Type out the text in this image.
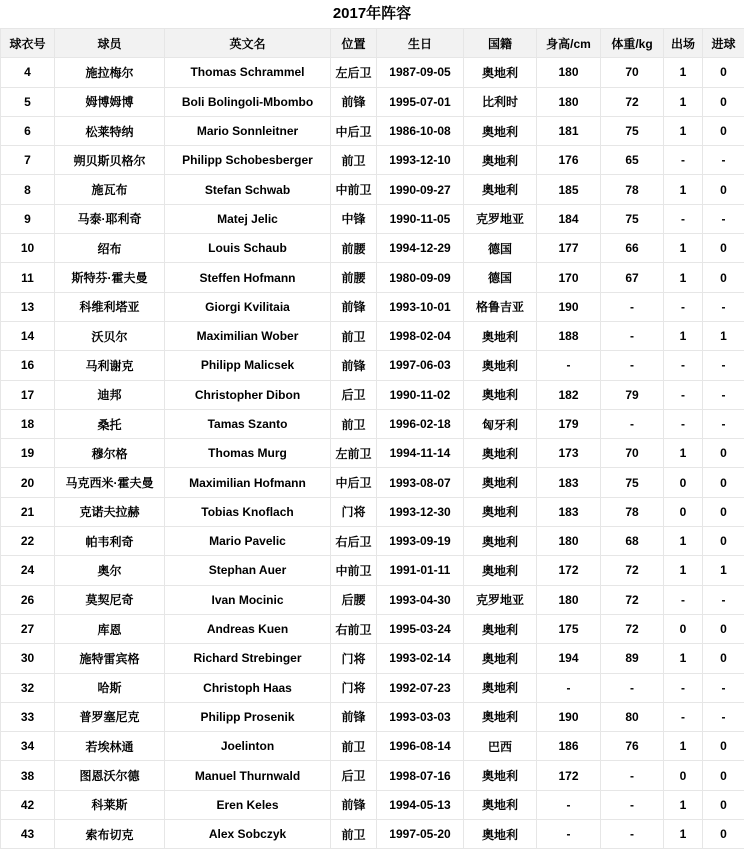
2017年阵容
球衣号	球员	英文名	位置	生日	国籍	身高/cm	体重/kg	出场	进球
4	施拉梅尔	Thomas Schrammel	左后卫	1987-09-05	奥地利	180	70	1	0
5	姆博姆博	Boli Bolingoli-Mbombo	前锋	1995-07-01	比利时	180	72	1	0
6	松莱特纳	Mario Sonnleitner	中后卫	1986-10-08	奥地利	181	75	1	0
7	朔贝斯贝格尔	Philipp Schobesberger	前卫	1993-12-10	奥地利	176	65	-	-
8	施瓦布	Stefan Schwab	中前卫	1990-09-27	奥地利	185	78	1	0
9	马泰·耶利奇	Matej Jelic	中锋	1990-11-05	克罗地亚	184	75	-	-
10	绍布	Louis Schaub	前腰	1994-12-29	德国	177	66	1	0
11	斯特芬·霍夫曼	Steffen Hofmann	前腰	1980-09-09	德国	170	67	1	0
13	科维利塔亚	Giorgi Kvilitaia	前锋	1993-10-01	格鲁吉亚	190	-	-	-
14	沃贝尔	Maximilian Wober	前卫	1998-02-04	奥地利	188	-	1	1
16	马利谢克	Philipp Malicsek	前锋	1997-06-03	奥地利	-	-	-	-
17	迪邦	Christopher Dibon	后卫	1990-11-02	奥地利	182	79	-	-
18	桑托	Tamas Szanto	前卫	1996-02-18	匈牙利	179	-	-	-
19	穆尔格	Thomas Murg	左前卫	1994-11-14	奥地利	173	70	1	0
20	马克西米·霍夫曼	Maximilian Hofmann	中后卫	1993-08-07	奥地利	183	75	0	0
21	克诺夫拉赫	Tobias Knoflach	门将	1993-12-30	奥地利	183	78	0	0
22	帕韦利奇	Mario Pavelic	右后卫	1993-09-19	奥地利	180	68	1	0
24	奥尔	Stephan Auer	中前卫	1991-01-11	奥地利	172	72	1	1
26	莫契尼奇	Ivan Mocinic	后腰	1993-04-30	克罗地亚	180	72	-	-
27	库恩	Andreas Kuen	右前卫	1995-03-24	奥地利	175	72	0	0
30	施特雷宾格	Richard Strebinger	门将	1993-02-14	奥地利	194	89	1	0
32	哈斯	Christoph Haas	门将	1992-07-23	奥地利	-	-	-	-
33	普罗塞尼克	Philipp Prosenik	前锋	1993-03-03	奥地利	190	80	-	-
34	若埃林通	Joelinton	前卫	1996-08-14	巴西	186	76	1	0
38	图恩沃尔德	Manuel Thurnwald	后卫	1998-07-16	奥地利	172	-	0	0
42	科莱斯	Eren Keles	前锋	1994-05-13	奥地利	-	-	1	0
43	索布切克	Alex Sobczyk	前卫	1997-05-20	奥地利	-	-	1	0
